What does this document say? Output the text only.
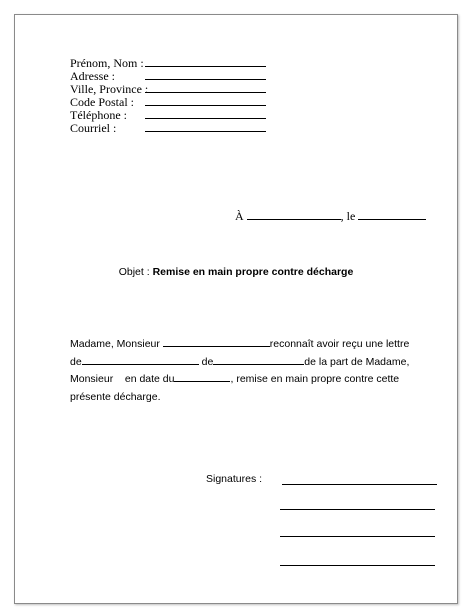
Prénom, Nom :
Adresse :
Ville, Province :
Code Postal :
Téléphone :
Courriel :
À	, le
Objet : Remise en main propre contre décharge
Madame, Monsieur	reconnaît avoir reçu une lettre
de	de	de la part de Madame,
Monsieur    en date du	, remise en main propre contre cette
présente décharge.
Signatures :
